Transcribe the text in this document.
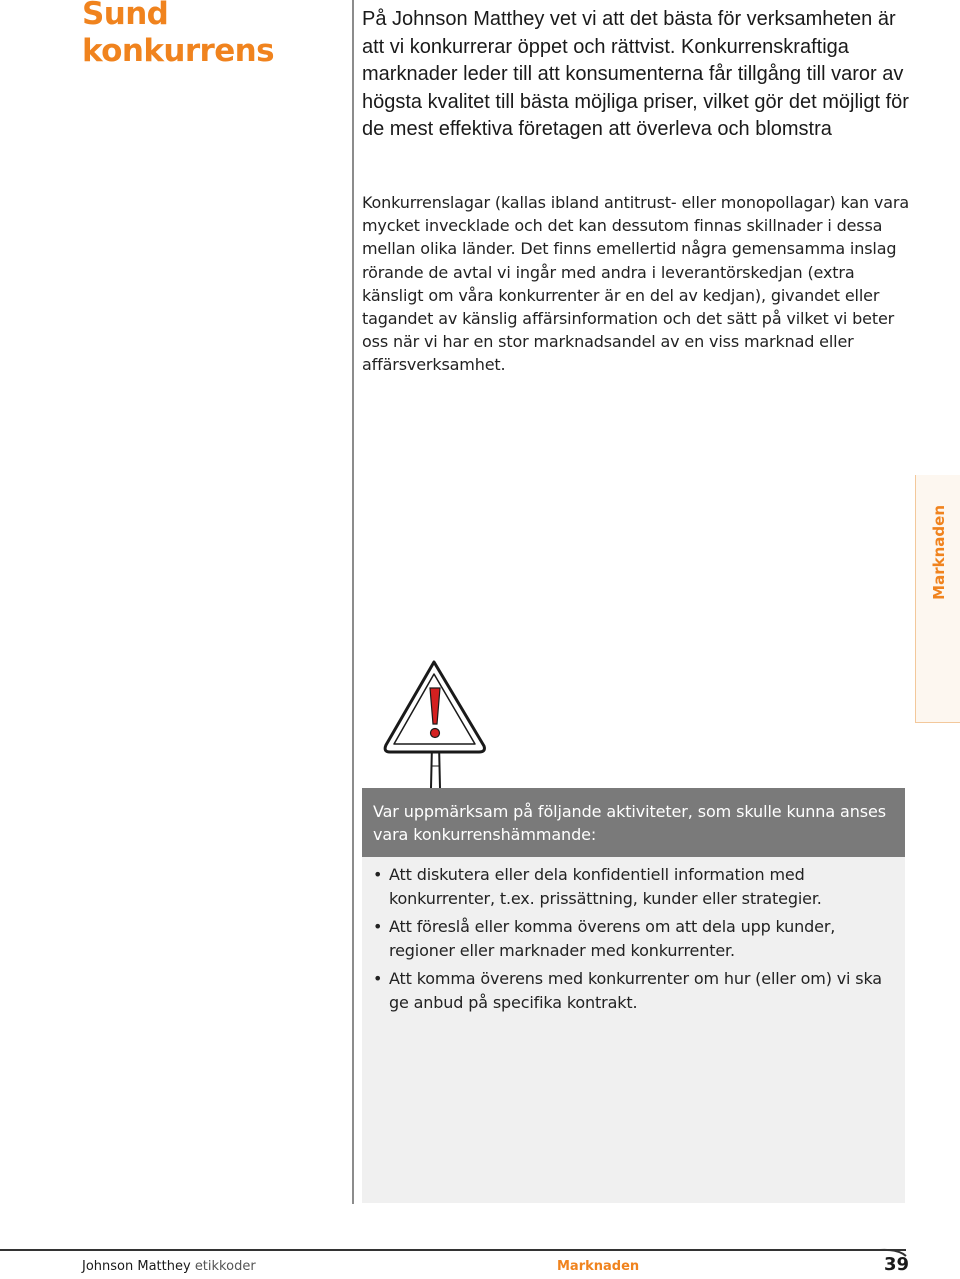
Sund
konkurrens

På Johnson Matthey vet vi att det bästa för verksamheten är att vi konkurrerar öppet och rättvist. Konkurrenskraftiga marknader leder till att konsumenterna får tillgång till varor av högsta kvalitet till bästa möjliga priser, vilket gör det möjligt för de mest effektiva företagen att överleva och blomstra

Konkurrenslagar (kallas ibland antitrust- eller monopollagar) kan vara mycket invecklade och det kan dessutom finnas skillnader i dessa mellan olika länder. Det finns emellertid några gemensamma inslag rörande de avtal vi ingår med andra i leverantörskedjan (extra känsligt om våra konkurrenter är en del av kedjan), givandet eller tagandet av känslig affärsinformation och det sätt på vilket vi beter oss när vi har en stor marknadsandel av en viss marknad eller affärsverksamhet.

Marknaden
Var uppmärksam på följande aktiviteter, som skulle kunna anses vara konkurrenshämmande:
• Att diskutera eller dela konfidentiell information med konkurrenter, t.ex. prissättning, kunder eller strategier.
• Att föreslå eller komma överens om att dela upp kunder, regioner eller marknader med konkurrenter.
• Att komma överens med konkurrenter om hur (eller om) vi ska ge anbud på specifika kontrakt.
Johnson Matthey etikkoder	Marknaden	39
